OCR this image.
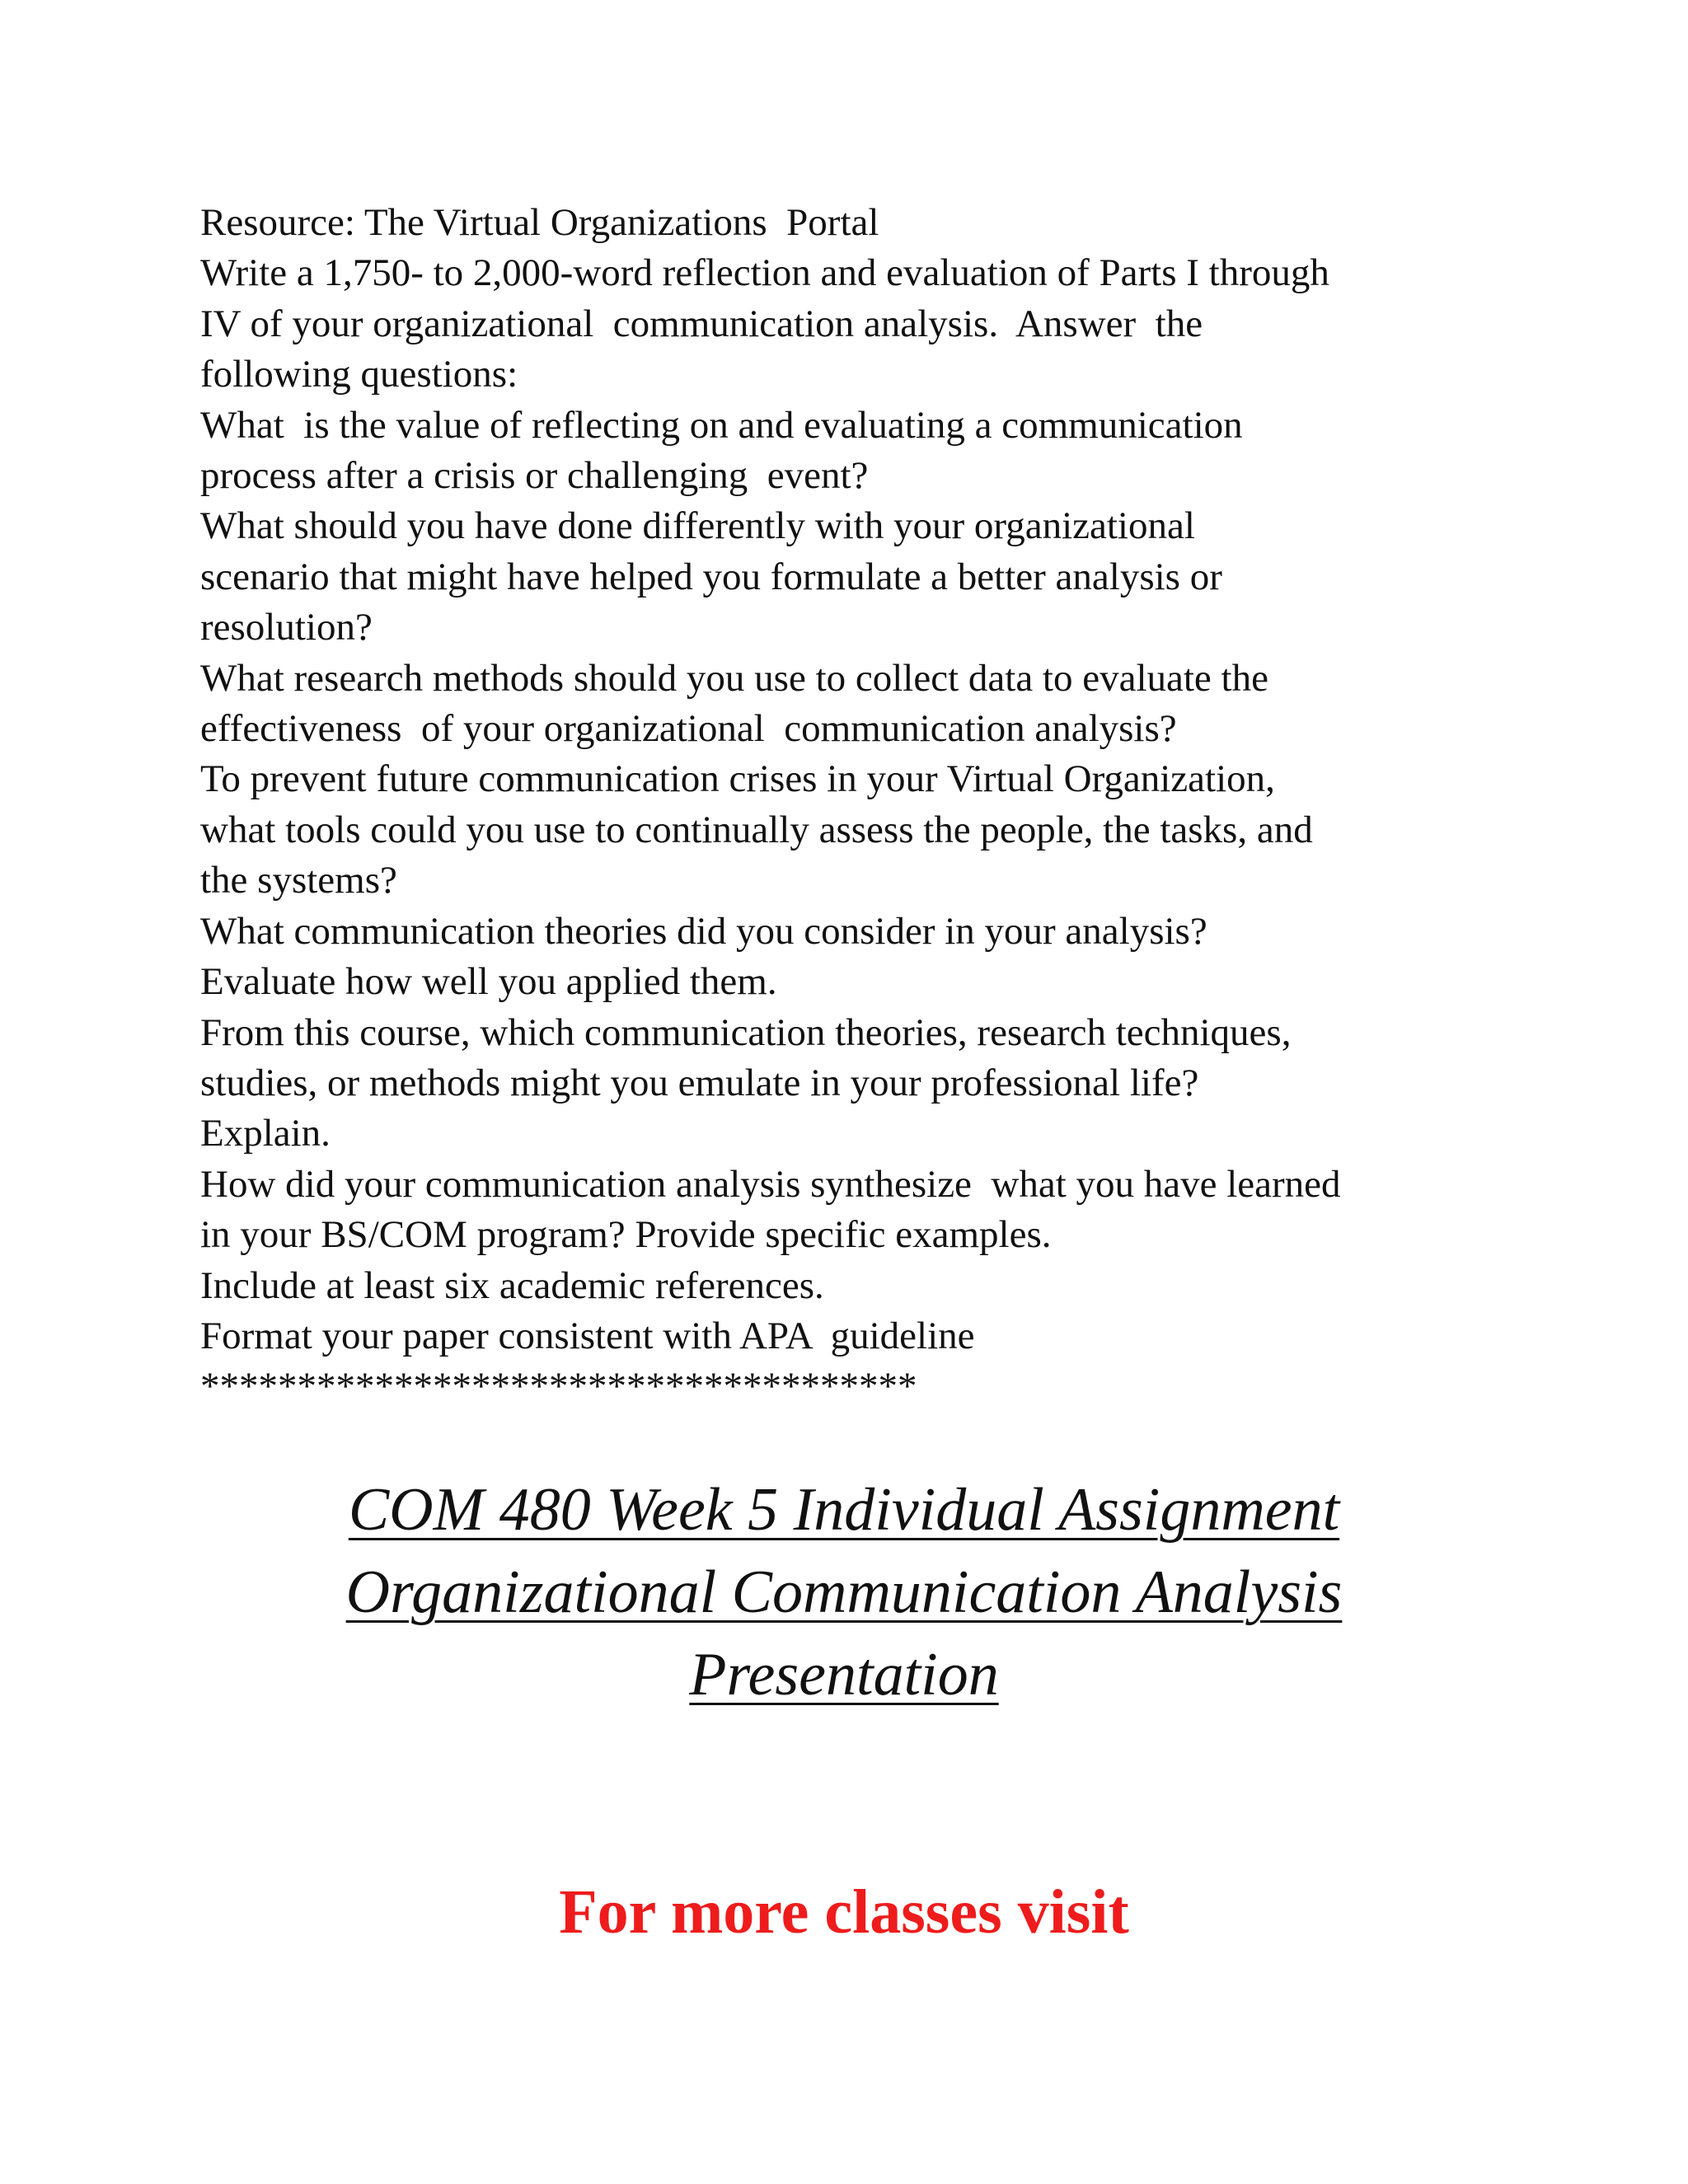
Resource: The Virtual Organizations  Portal
Write a 1,750- to 2,000-word reflection and evaluation of Parts I through
IV of your organizational  communication analysis.  Answer  the
following questions:
What  is the value of reflecting on and evaluating a communication
process after a crisis or challenging  event?
What should you have done differently with your organizational
scenario that might have helped you formulate a better analysis or
resolution?
What research methods should you use to collect data to evaluate the
effectiveness  of your organizational  communication analysis?
To prevent future communication crises in your Virtual Organization,
what tools could you use to continually assess the people, the tasks, and
the systems?
What communication theories did you consider in your analysis?
Evaluate how well you applied them.
From this course, which communication theories, research techniques,
studies, or methods might you emulate in your professional life?
Explain.
How did your communication analysis synthesize  what you have learned
in your BS/COM program? Provide specific examples.
Include at least six academic references.
Format your paper consistent with APA  guideline
*************************************
COM 480 Week 5 Individual Assignment
Organizational Communication Analysis
Presentation
For more classes visit
